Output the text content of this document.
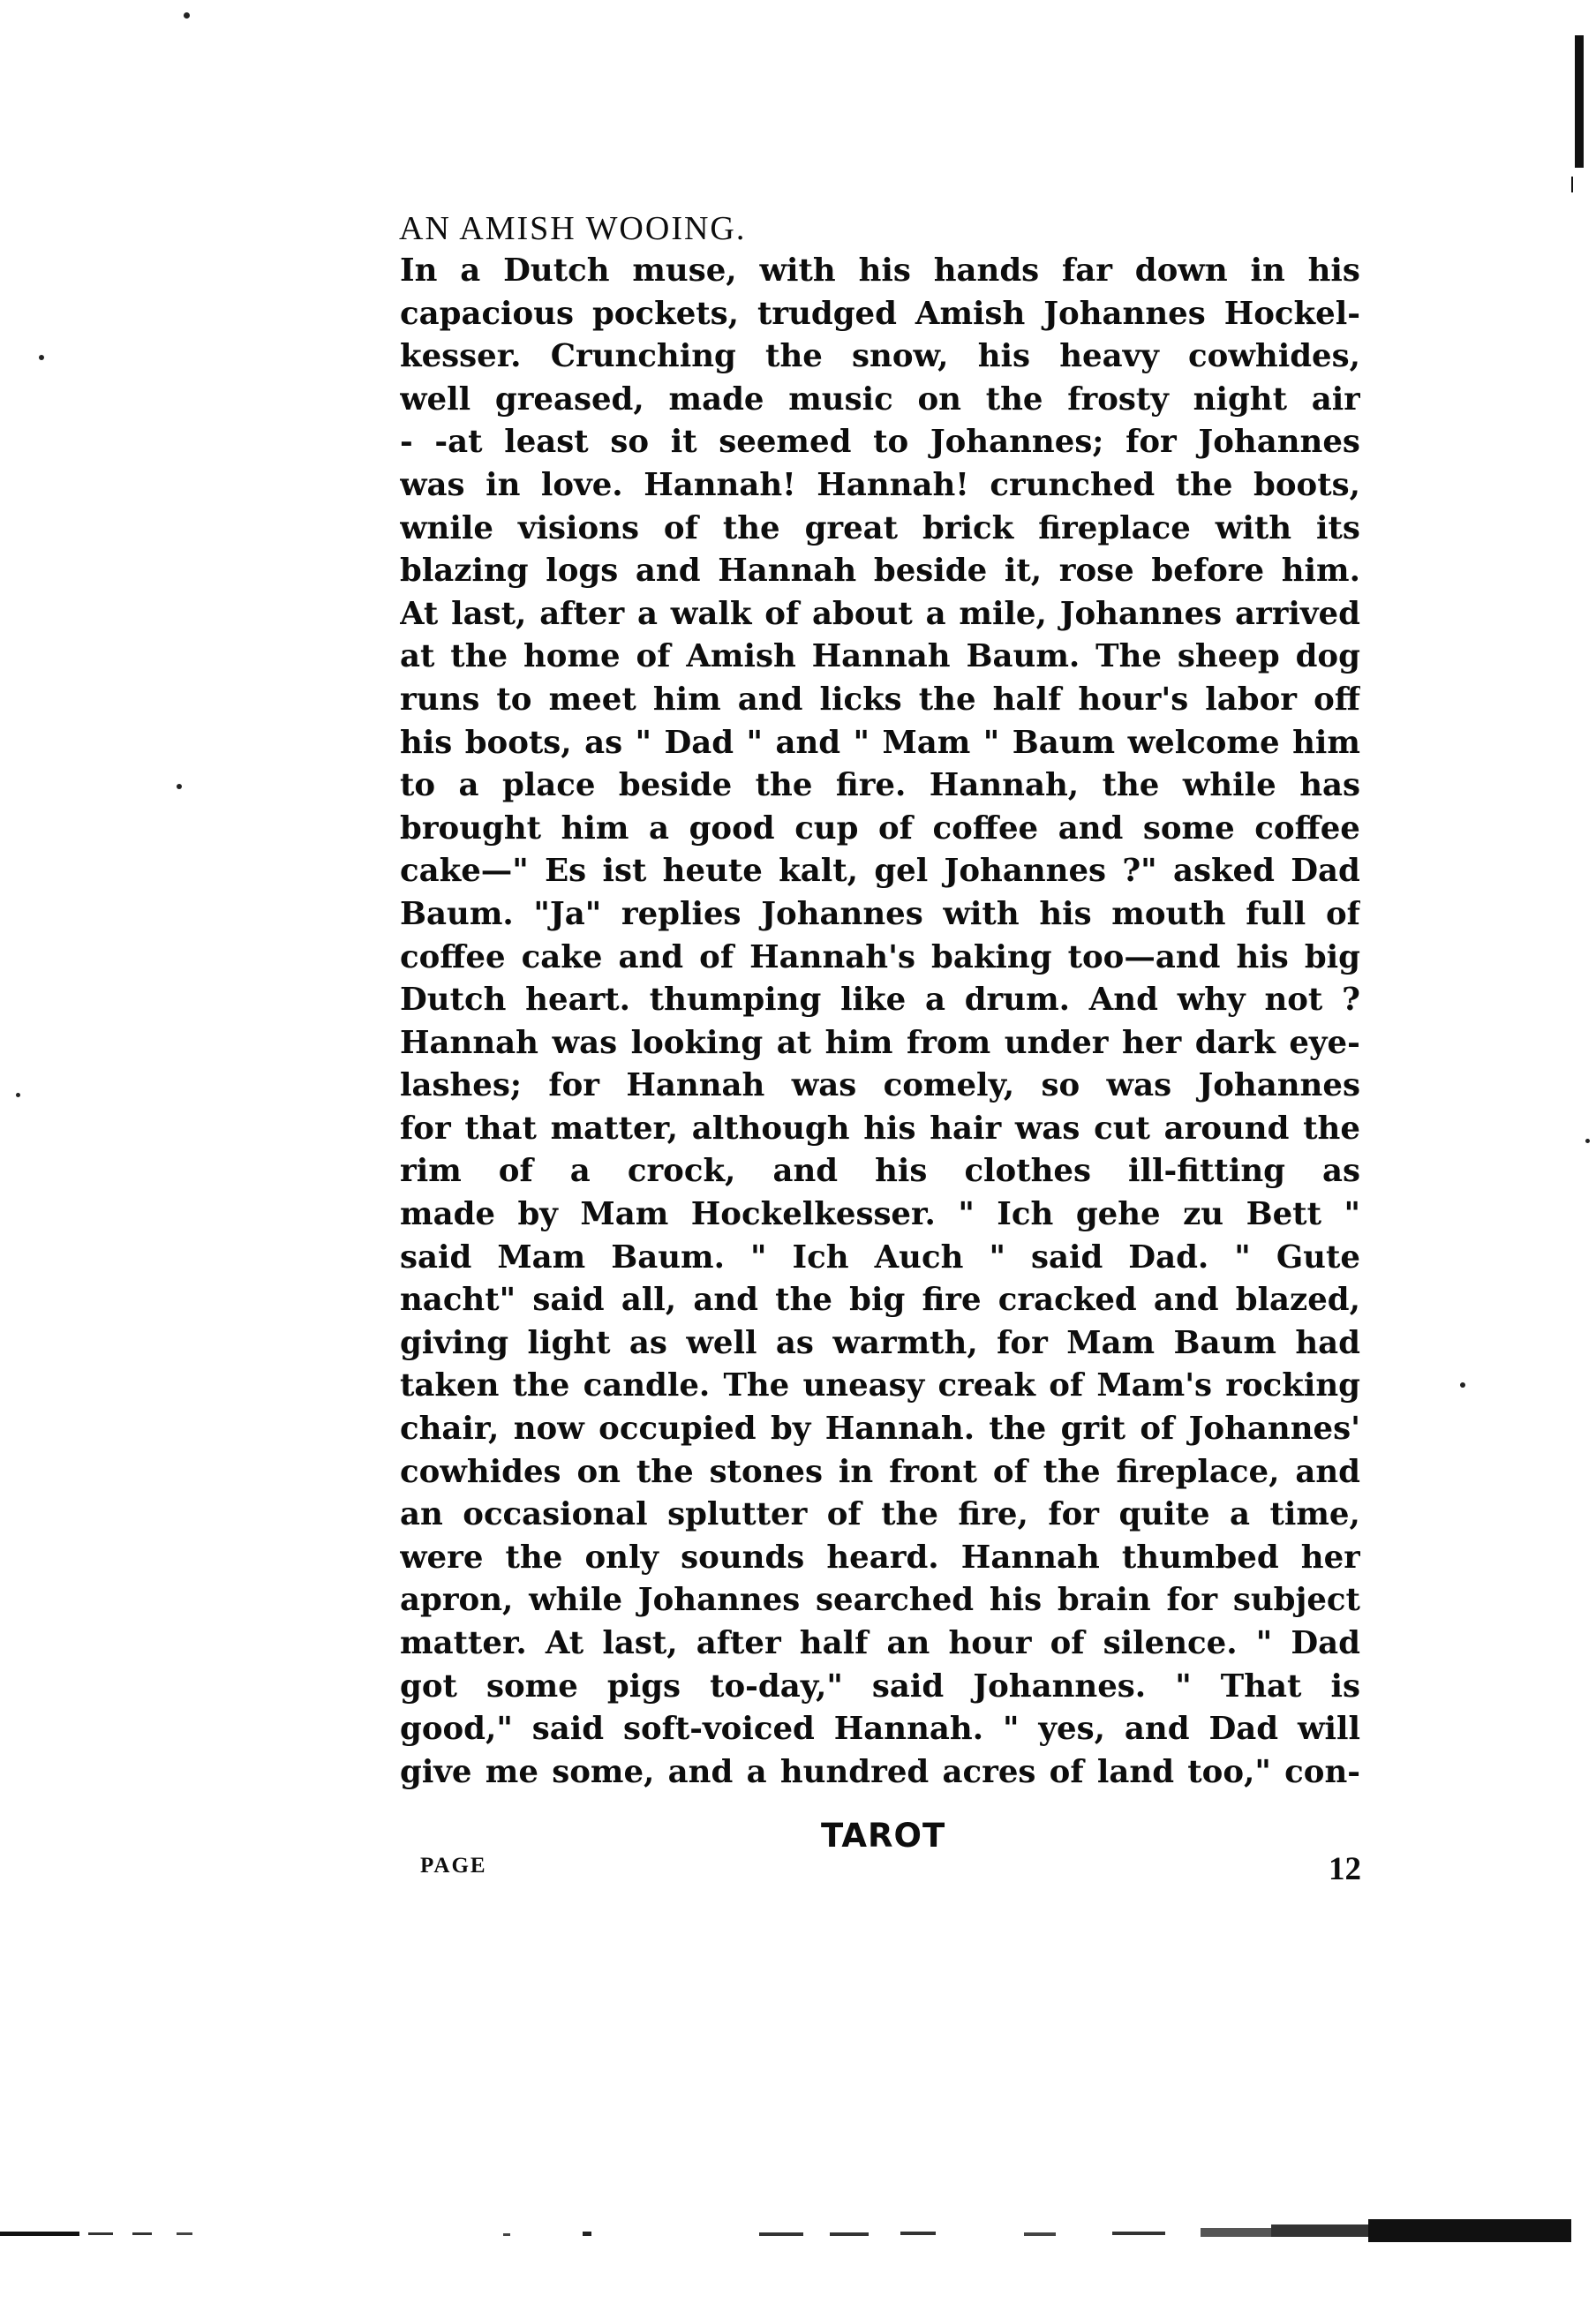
AN AMISH WOOING.
In a Dutch muse, with his hands far down in his
capacious pockets, trudged Amish Johannes Hockel-
kesser. Crunching the snow, his heavy cowhides,
well greased, made music on the frosty night air
- -at least so it seemed to Johannes; for Johannes
was in love. Hannah! Hannah! crunched the boots,
wnile visions of the great brick fireplace with its
blazing logs and Hannah beside it, rose before him.
At last, after a walk of about a mile, Johannes arrived
at the home of Amish Hannah Baum. The sheep dog
runs to meet him and licks the half hour's labor off
his boots, as " Dad " and " Mam " Baum welcome him
to a place beside the fire. Hannah, the while has
brought him a good cup of coffee and some coffee
cake—" Es ist heute kalt, gel Johannes ?" asked Dad
Baum. "Ja" replies Johannes with his mouth full of
coffee cake and of Hannah's baking too—and his big
Dutch heart. thumping like a drum. And why not ?
Hannah was looking at him from under her dark eye-
lashes; for Hannah was comely, so was Johannes
for that matter, although his hair was cut around the
rim of a crock, and his clothes ill-fitting as
made by Mam Hockelkesser. " Ich gehe zu Bett "
said Mam Baum. " Ich Auch " said Dad. " Gute
nacht" said all, and the big fire cracked and blazed,
giving light as well as warmth, for Mam Baum had
taken the candle. The uneasy creak of Mam's rocking
chair, now occupied by Hannah. the grit of Johannes'
cowhides on the stones in front of the fireplace, and
an occasional splutter of the fire, for quite a time,
were the only sounds heard. Hannah thumbed her
apron, while Johannes searched his brain for subject
matter. At last, after half an hour of silence. " Dad
got some pigs to-day," said Johannes. " That is
good," said soft-voiced Hannah. " yes, and Dad will
give me some, and a hundred acres of land too," con-
PAGE
TAROT
12
